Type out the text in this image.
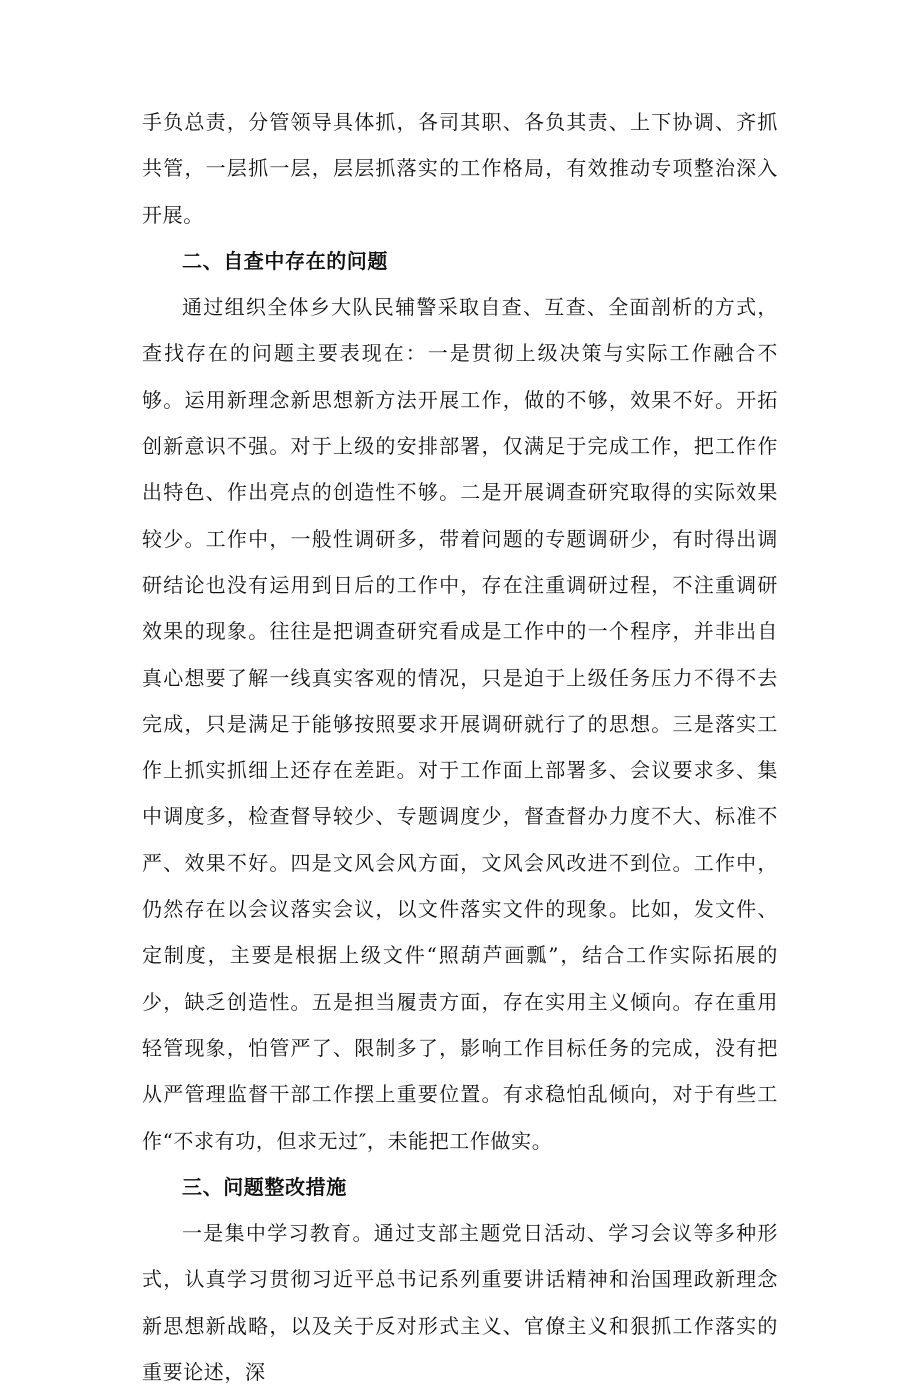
手负总责，分管领导具体抓，各司其职、各负其责、上下协调、齐抓共管，一层抓一层，层层抓落实的工作格局，有效推动专项整治深入开展。

二、自查中存在的问题

通过组织全体乡大队民辅警采取自查、互查、全面剖析的方式，查找存在的问题主要表现在：一是贯彻上级决策与实际工作融合不够。运用新理念新思想新方法开展工作，做的不够，效果不好。开拓创新意识不强。对于上级的安排部署，仅满足于完成工作，把工作作出特色、作出亮点的创造性不够。二是开展调查研究取得的实际效果较少。工作中，一般性调研多，带着问题的专题调研少，有时得出调研结论也没有运用到日后的工作中，存在注重调研过程，不注重调研效果的现象。往往是把调查研究看成是工作中的一个程序，并非出自真心想要了解一线真实客观的情况，只是迫于上级任务压力不得不去完成，只是满足于能够按照要求开展调研就行了的思想。三是落实工作上抓实抓细上还存在差距。对于工作面上部署多、会议要求多、集中调度多，检查督导较少、专题调度少，督查督办力度不大、标准不严、效果不好。四是文风会风方面，文风会风改进不到位。工作中，仍然存在以会议落实会议，以文件落实文件的现象。比如，发文件、定制度，主要是根据上级文件“照葫芦画瓢”，结合工作实际拓展的少，缺乏创造性。五是担当履责方面，存在实用主义倾向。存在重用轻管现象，怕管严了、限制多了，影响工作目标任务的完成，没有把从严管理监督干部工作摆上重要位置。有求稳怕乱倾向，对于有些工作“不求有功，但求无过″，未能把工作做实。

三、问题整改措施

一是集中学习教育。通过支部主题党日活动、学习会议等多种形式，认真学习贯彻习近平总书记系列重要讲话精神和治国理政新理念新思想新战略，以及关于反对形式主义、官僚主义和狠抓工作落实的重要论述，深
